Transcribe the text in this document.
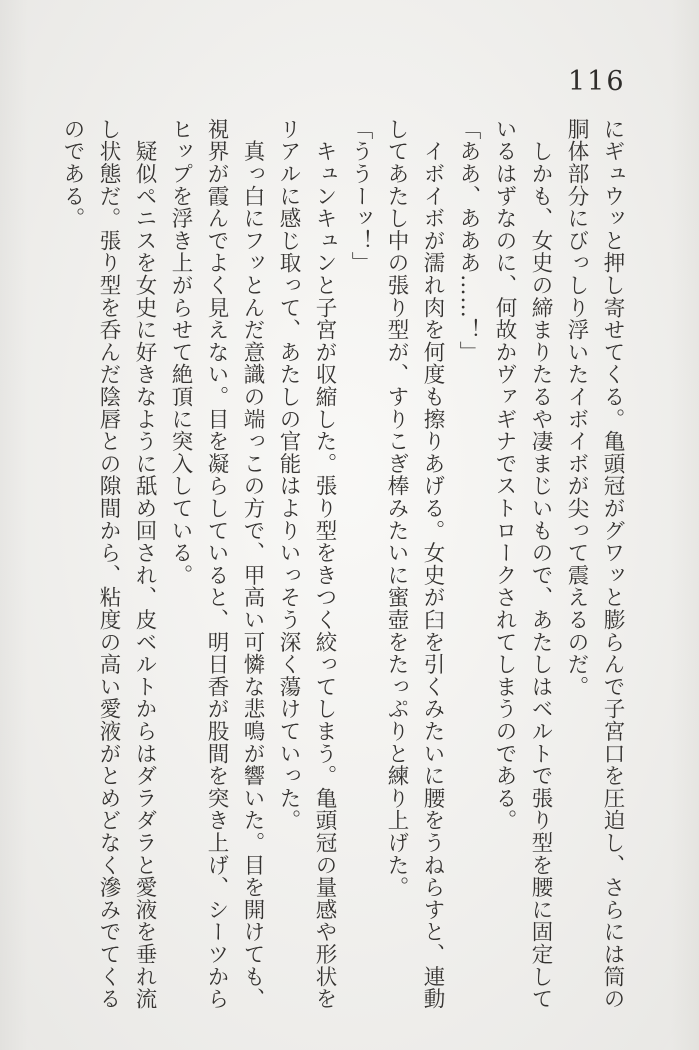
116

にギュウッと押し寄せてくる。亀頭冠がグワッと膨らんで子宮口を圧迫し、さらには筒の

胴体部分にびっしり浮いたイボイボが尖って震えるのだ。

　しかも、女史の締まりたるや凄まじいもので、あたしはベルトで張り型を腰に固定して

いるはずなのに、何故かヴァギナでストロークされてしまうのである。

「ああ、あああ……！」

　イボイボが濡れ肉を何度も擦りあげる。女史が臼を引くみたいに腰をうねらすと、連動

してあたし中の張り型が、すりこぎ棒みたいに蜜壺をたっぷりと練り上げた。

「ううーッ！」

　キュンキュンと子宮が収縮した。張り型をきつく絞ってしまう。亀頭冠の量感や形状を

リアルに感じ取って、あたしの官能はよりいっそう深く蕩けていった。

　真っ白にフッとんだ意識の端っこの方で、甲高い可憐な悲鳴が響いた。目を開けても、

視界が霞んでよく見えない。目を凝らしていると、明日香が股間を突き上げ、シーツから

ヒップを浮き上がらせて絶頂に突入している。

　疑似ペニスを女史に好きなように舐め回され、皮ベルトからはダラダラと愛液を垂れ流

し状態だ。張り型を呑んだ陰唇との隙間から、粘度の高い愛液がとめどなく滲みでてくる

のである。
